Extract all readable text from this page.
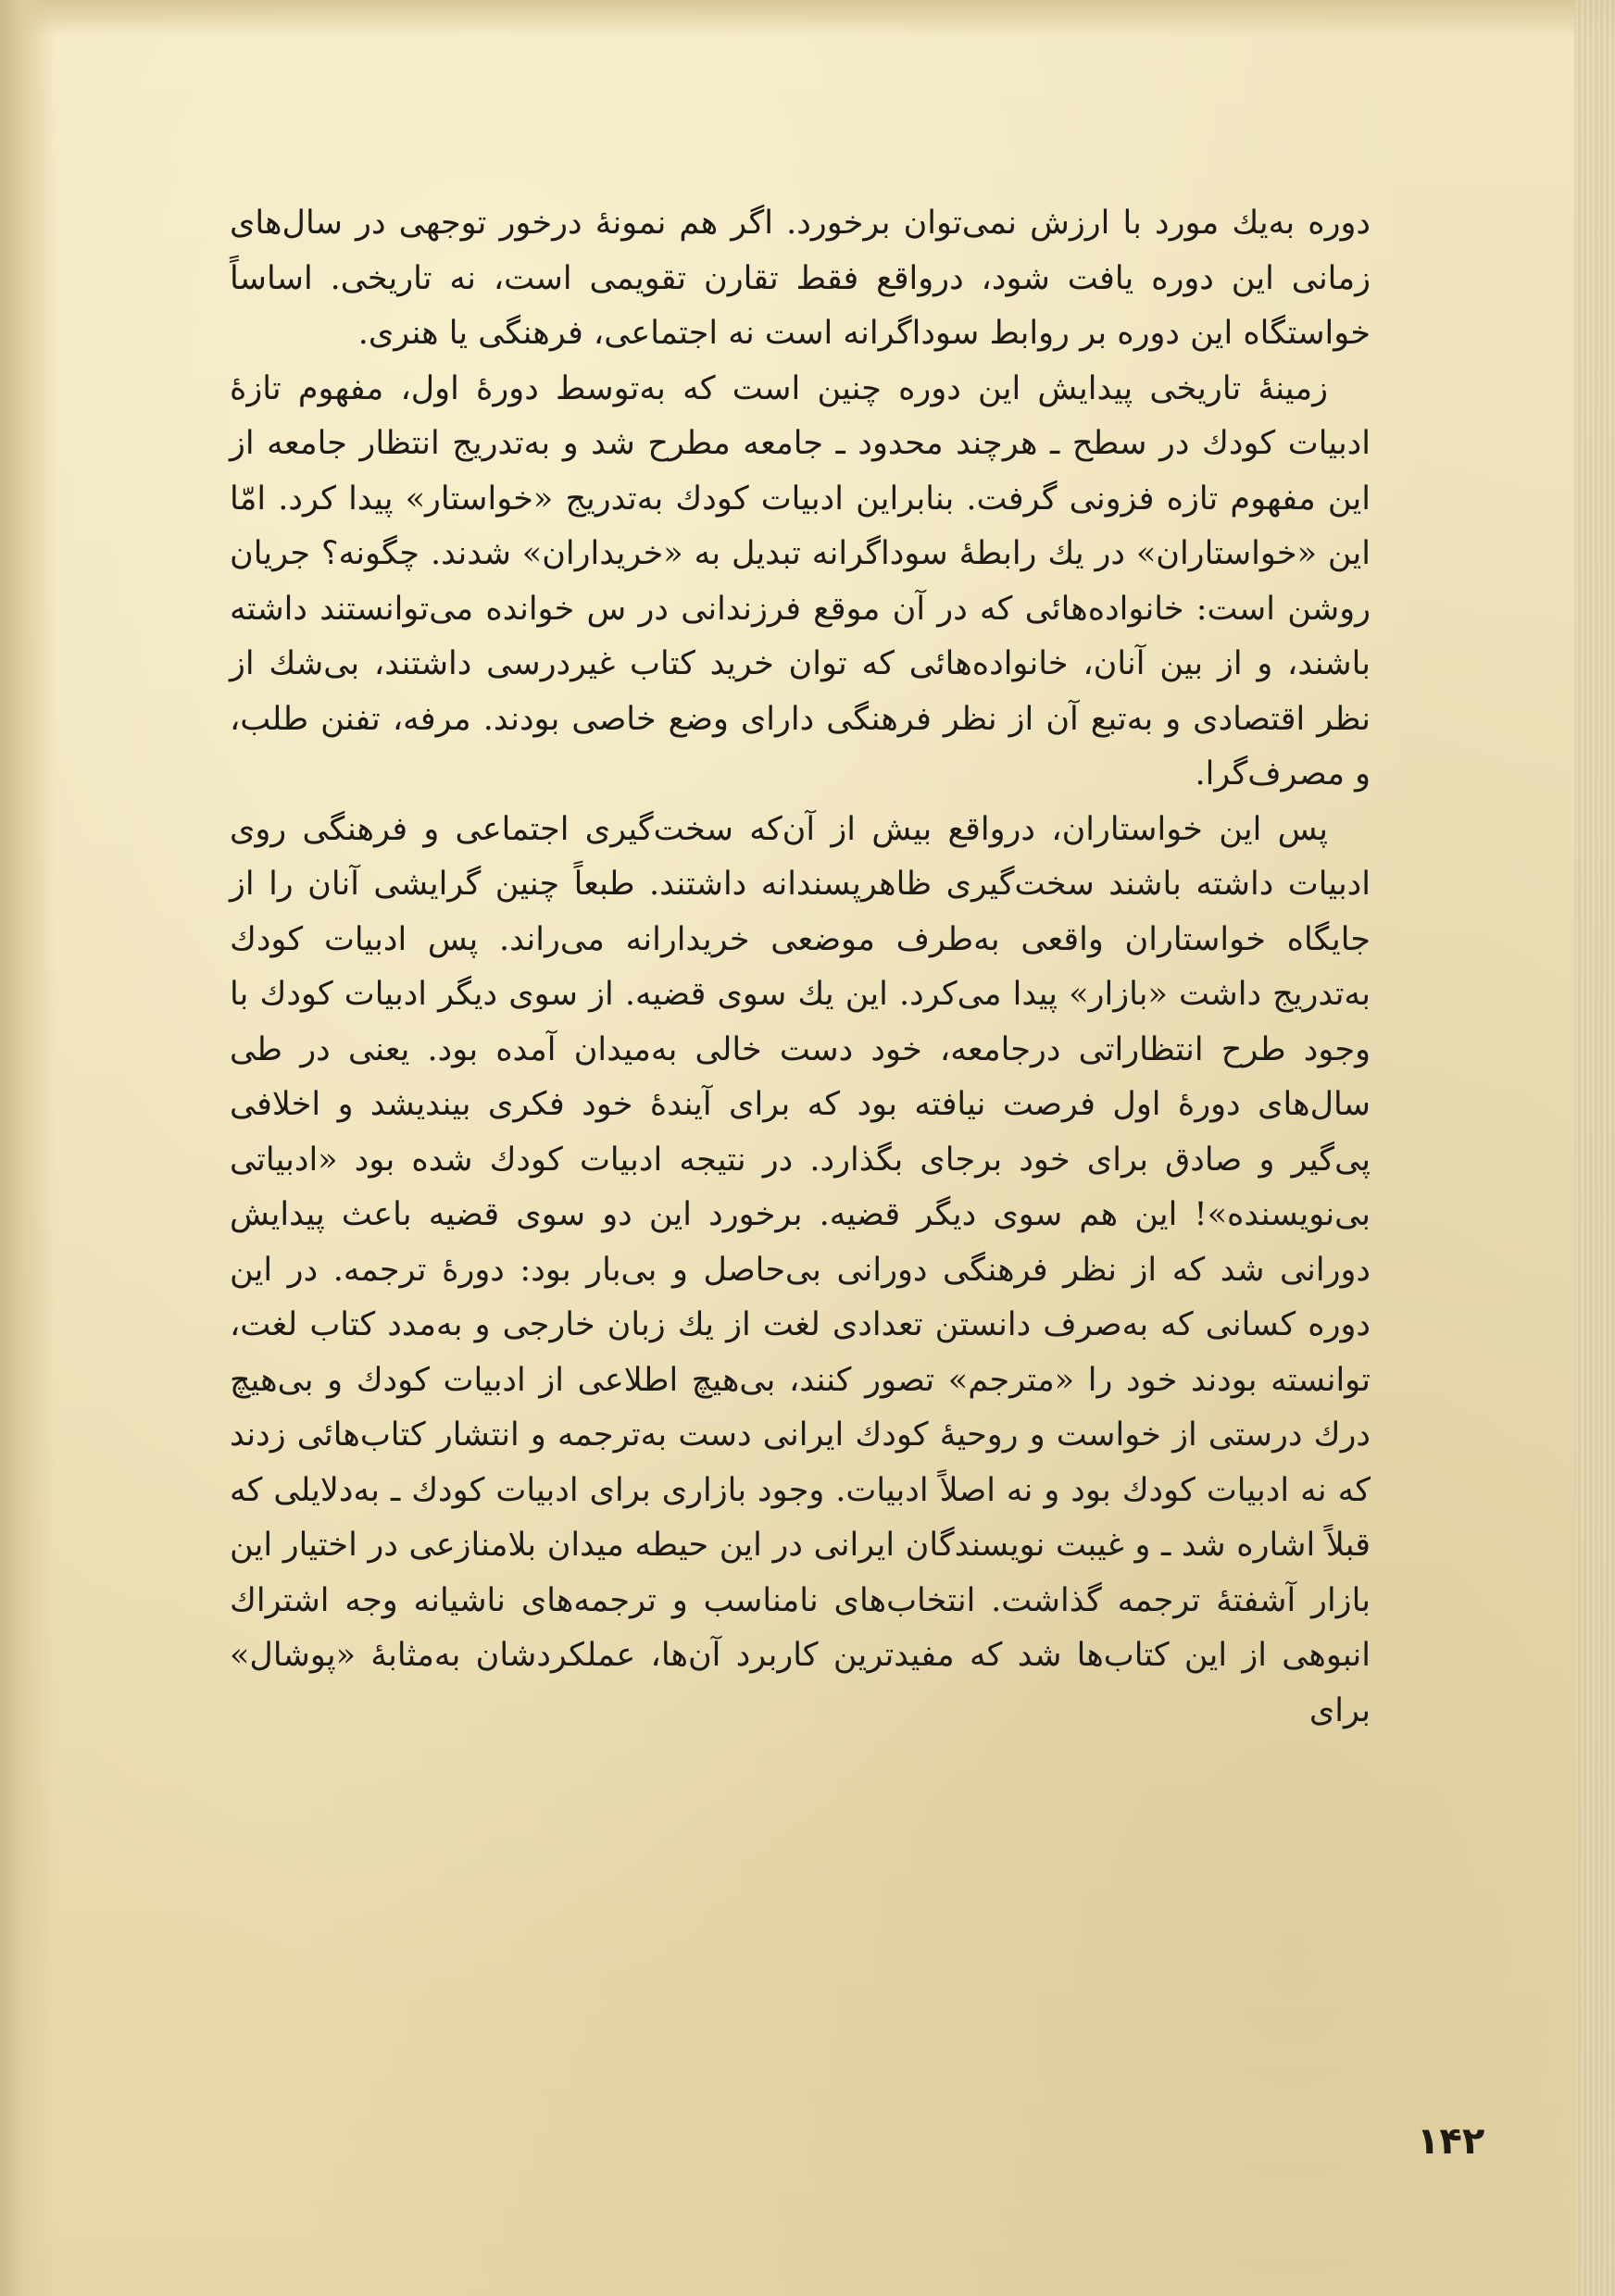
دوره به‌یك مورد با ارزش نمی‌توان برخورد. اگر هم نمونهٔ درخور توجهی در سال‌های زمانی این دوره یافت شود، درواقع فقط تقارن تقویمی است، نه تاریخی. اساساً خواستگاه این دوره بر روابط سوداگرانه است نه اجتماعی، فرهنگی یا هنری.

زمینهٔ تاریخی پیدایش این دوره چنین است که به‌توسط دورهٔ اول، مفهوم تازهٔ ادبیات كودك در سطح ـ هرچند محدود ـ جامعه مطرح شد و به‌تدریج انتظار جامعه از این مفهوم تازه فزونی گرفت. بنابراین ادبیات كودك به‌تدریج «خواستار» پیدا كرد. امّا این «خواستاران» در یك رابطهٔ سوداگرانه تبدیل به «خریداران» شدند. چگونه؟ جریان روشن است: خانواده‌هائی كه در آن موقع فرزندانی در س خوانده می‌توانستند داشته باشند، و از بین آنان، خانواده‌هائی كه توان خرید كتاب غیردرسی داشتند، بی‌شك از نظر اقتصادی و به‌تبع آن از نظر فرهنگی دارای وضع خاصی بودند. مرفه، تفنن طلب، و مصرف‌گرا.

پس این خواستاران، درواقع بیش از آن‌كه سخت‌گیری اجتماعی و فرهنگی روی ادبیات داشته باشند سخت‌گیری ظاهرپسندانه داشتند. طبعاً چنین گرایشی آنان را از جایگاه خواستاران واقعی به‌طرف موضعی خریدارانه می‌راند. پس ادبیات كودك به‌تدریج داشت «بازار» پیدا می‌كرد. این یك سوی قضیه. از سوی دیگر ادبیات كودك با وجود طرح انتظاراتی درجامعه، خود دست خالی به‌میدان آمده بود. یعنی در طی سال‌های دورهٔ اول فرصت نیافته بود كه برای آیندهٔ خود فكری بیندیشد و اخلافی پی‌گیر و صادق برای خود برجای بگذارد. در نتیجه ادبیات كودك شده بود «ادبیاتی بی‌نویسنده»! این هم سوی دیگر قضیه. برخورد این دو سوی قضیه باعث پیدایش دورانی شد كه از نظر فرهنگی دورانی بی‌حاصل و بی‌بار بود: دورهٔ ترجمه. در این دوره كسانی كه به‌صرف دانستن تعدادی لغت از یك زبان خارجی و به‌مدد كتاب لغت، توانسته بودند خود را «مترجم» تصور كنند، بی‌هیچ اطلاعی از ادبیات كودك و بی‌هیچ درك درستی از خواست و روحیهٔ كودك ایرانی دست به‌ترجمه و انتشار كتاب‌هائی زدند كه نه ادبیات كودك بود و نه اصلاً ادبیات. وجود بازاری برای ادبیات كودك ـ به‌دلایلی كه قبلاً اشاره شد ـ و غیبت نویسندگان ایرانی در این حیطه میدان بلامنازعی در اختیار این بازار آشفتهٔ ترجمه گذاشت. انتخاب‌های نامناسب و ترجمه‌های ناشیانه وجه اشتراك انبوهی از این كتاب‌ها شد كه مفیدترین كاربرد آن‌ها، عملكردشان به‌مثابهٔ «پوشال» برای

۱۴۲
